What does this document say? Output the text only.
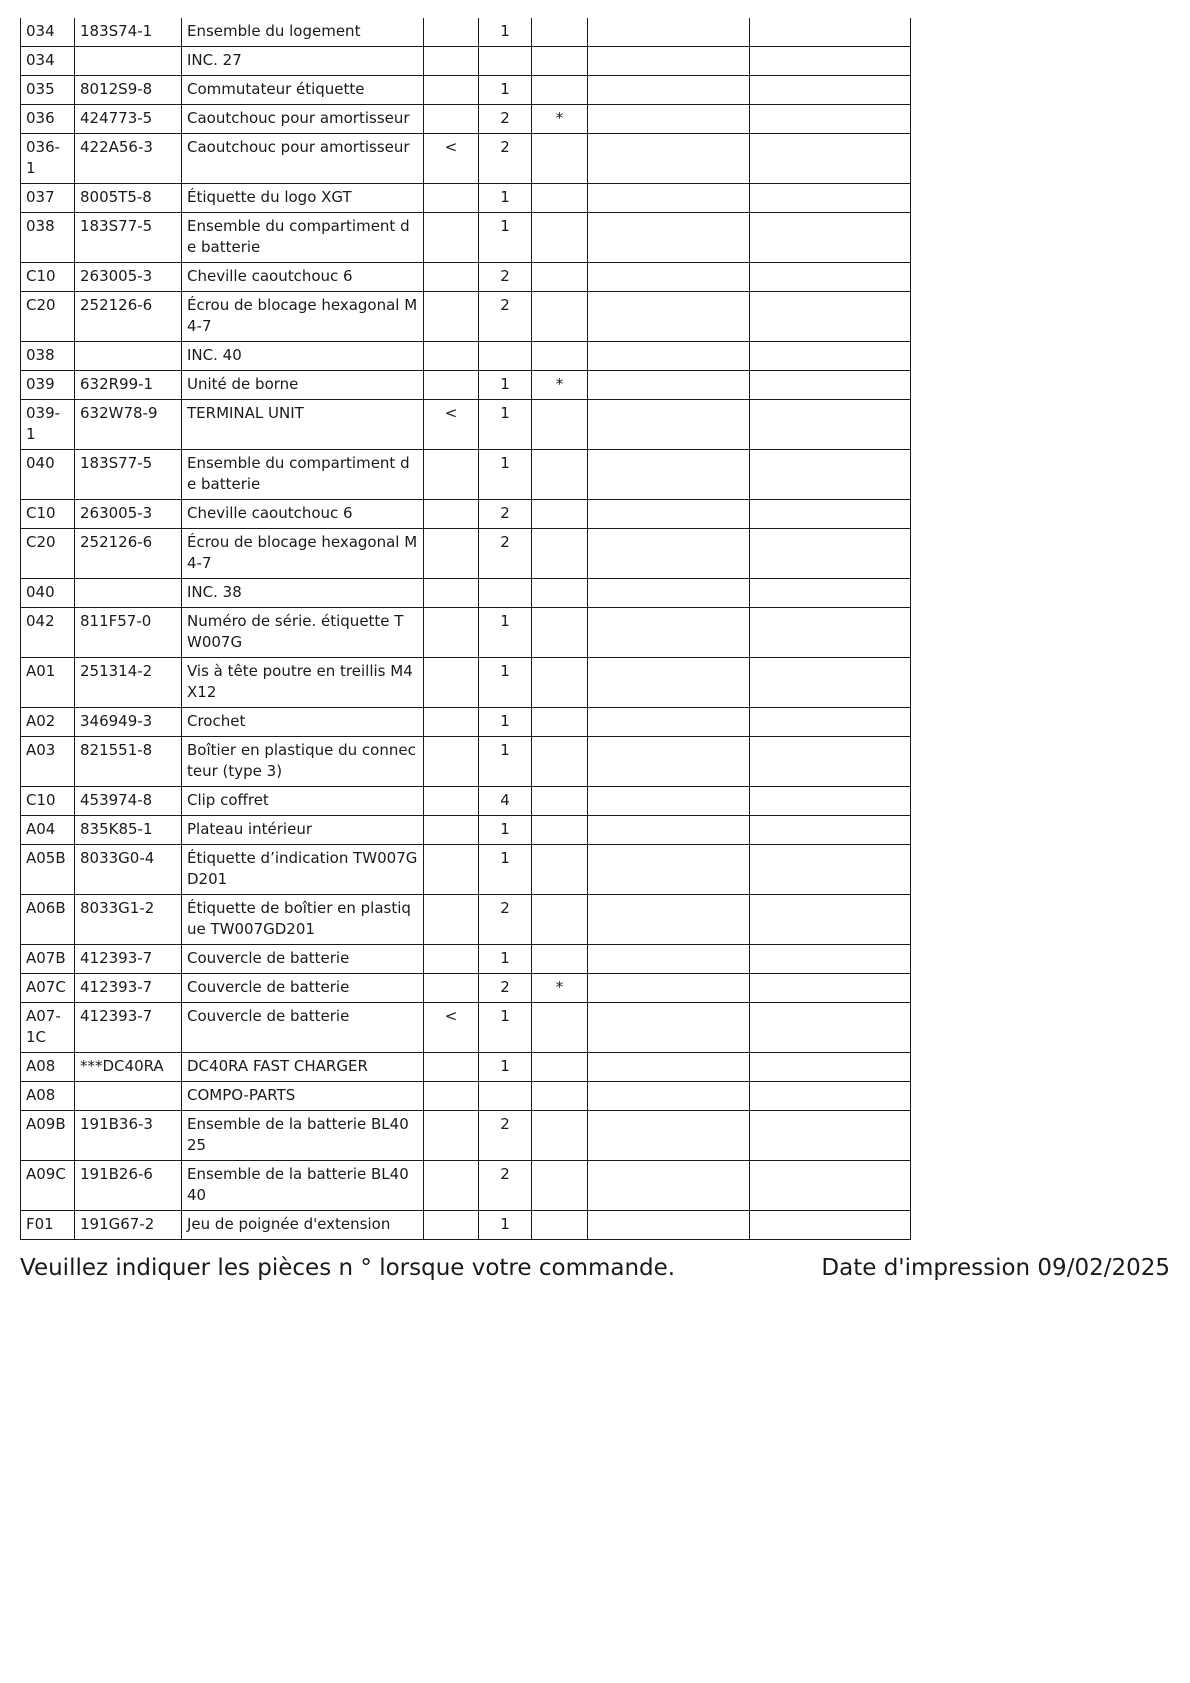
034	183S74-1	Ensemble du logement		1			
034		INC. 27					
035	8012S9-8	Commutateur étiquette		1			
036	424773-5	Caoutchouc pour amortisseur		2	*		
036-1	422A56-3	Caoutchouc pour amortisseur	<	2			
037	8005T5-8	Étiquette du logo XGT		1			
038	183S77-5	Ensemble du compartiment de batterie		1			
C10	263005-3	Cheville caoutchouc 6		2			
C20	252126-6	Écrou de blocage hexagonal M4-7		2			
038		INC. 40					
039	632R99-1	Unité de borne		1	*		
039-1	632W78-9	TERMINAL UNIT	<	1			
040	183S77-5	Ensemble du compartiment de batterie		1			
C10	263005-3	Cheville caoutchouc 6		2			
C20	252126-6	Écrou de blocage hexagonal M4-7		2			
040		INC. 38					
042	811F57-0	Numéro de série. étiquette TW007G		1			
A01	251314-2	Vis à tête poutre en treillis M4X12		1			
A02	346949-3	Crochet		1			
A03	821551-8	Boîtier en plastique du connecteur (type 3)		1			
C10	453974-8	Clip coffret		4			
A04	835K85-1	Plateau intérieur		1			
A05B	8033G0-4	Étiquette d’indication TW007GD201		1			
A06B	8033G1-2	Étiquette de boîtier en plastique TW007GD201		2			
A07B	412393-7	Couvercle de batterie		1			
A07C	412393-7	Couvercle de batterie		2	*		
A07-1C	412393-7	Couvercle de batterie	<	1			
A08	***DC40RA	DC40RA FAST CHARGER		1			
A08		COMPO-PARTS					
A09B	191B36-3	Ensemble de la batterie BL4025		2			
A09C	191B26-6	Ensemble de la batterie BL4040		2			
F01	191G67-2	Jeu de poignée d'extension		1			
Veuillez indiquer les pièces n ° lorsque votre commande.	Date d'impression 09/02/2025
